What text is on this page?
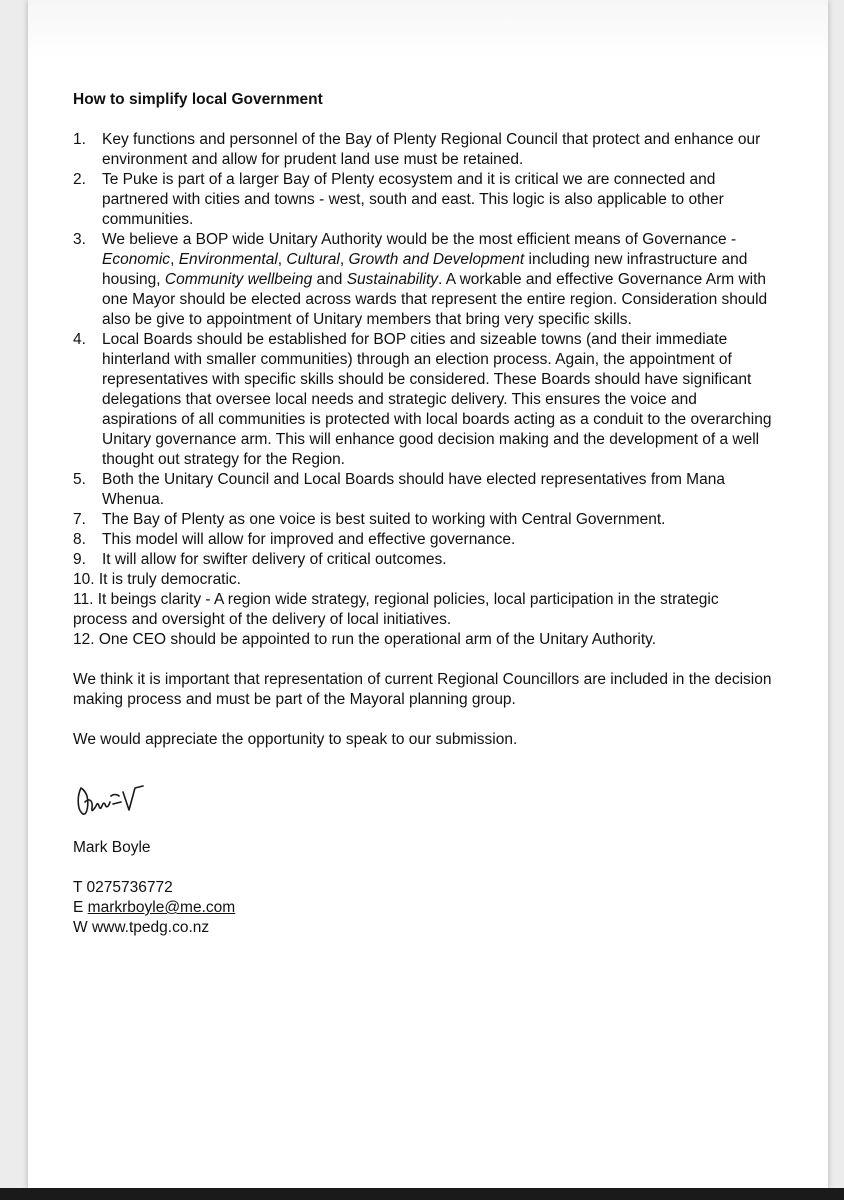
How to simplify local Government
1. Key functions and personnel of the Bay of Plenty Regional Council that protect and enhance our environment and allow for prudent land use must be retained.
2. Te Puke is part of a larger Bay of Plenty ecosystem and it is critical we are connected and partnered with cities and towns - west, south and east. This logic is also applicable to other communities.
3. We believe a BOP wide Unitary Authority would be the most efficient means of Governance - Economic, Environmental, Cultural, Growth and Development including new infrastructure and housing, Community wellbeing and Sustainability. A workable and effective Governance Arm with one Mayor should be elected across wards that represent the entire region. Consideration should also be give to appointment of Unitary members that bring very specific skills.
4. Local Boards should be established for BOP cities and sizeable towns (and their immediate hinterland with smaller communities) through an election process. Again, the appointment of representatives with specific skills should be considered. These Boards should have significant delegations that oversee local needs and strategic delivery. This ensures the voice and aspirations of all communities is protected with local boards acting as a conduit to the overarching Unitary governance arm. This will enhance good decision making and the development of a well thought out strategy for the Region.
5. Both the Unitary Council and Local Boards should have elected representatives from Mana Whenua.
7. The Bay of Plenty as one voice is best suited to working with Central Government.
8. This model will allow for improved and effective governance.
9. It will allow for swifter delivery of critical outcomes.
10. It is truly democratic.
11. It beings clarity - A region wide strategy, regional policies, local participation in the strategic process and oversight of the delivery of local initiatives.
12. One CEO should be appointed to run the operational arm of the Unitary Authority.

We think it is important that representation of current Regional Councillors are included in the decision making process and must be part of the Mayoral planning group.

We would appreciate the opportunity to speak to our submission.

Mark Boyle
T 0275736772
E markrboyle@me.com
W www.tpedg.co.nz
